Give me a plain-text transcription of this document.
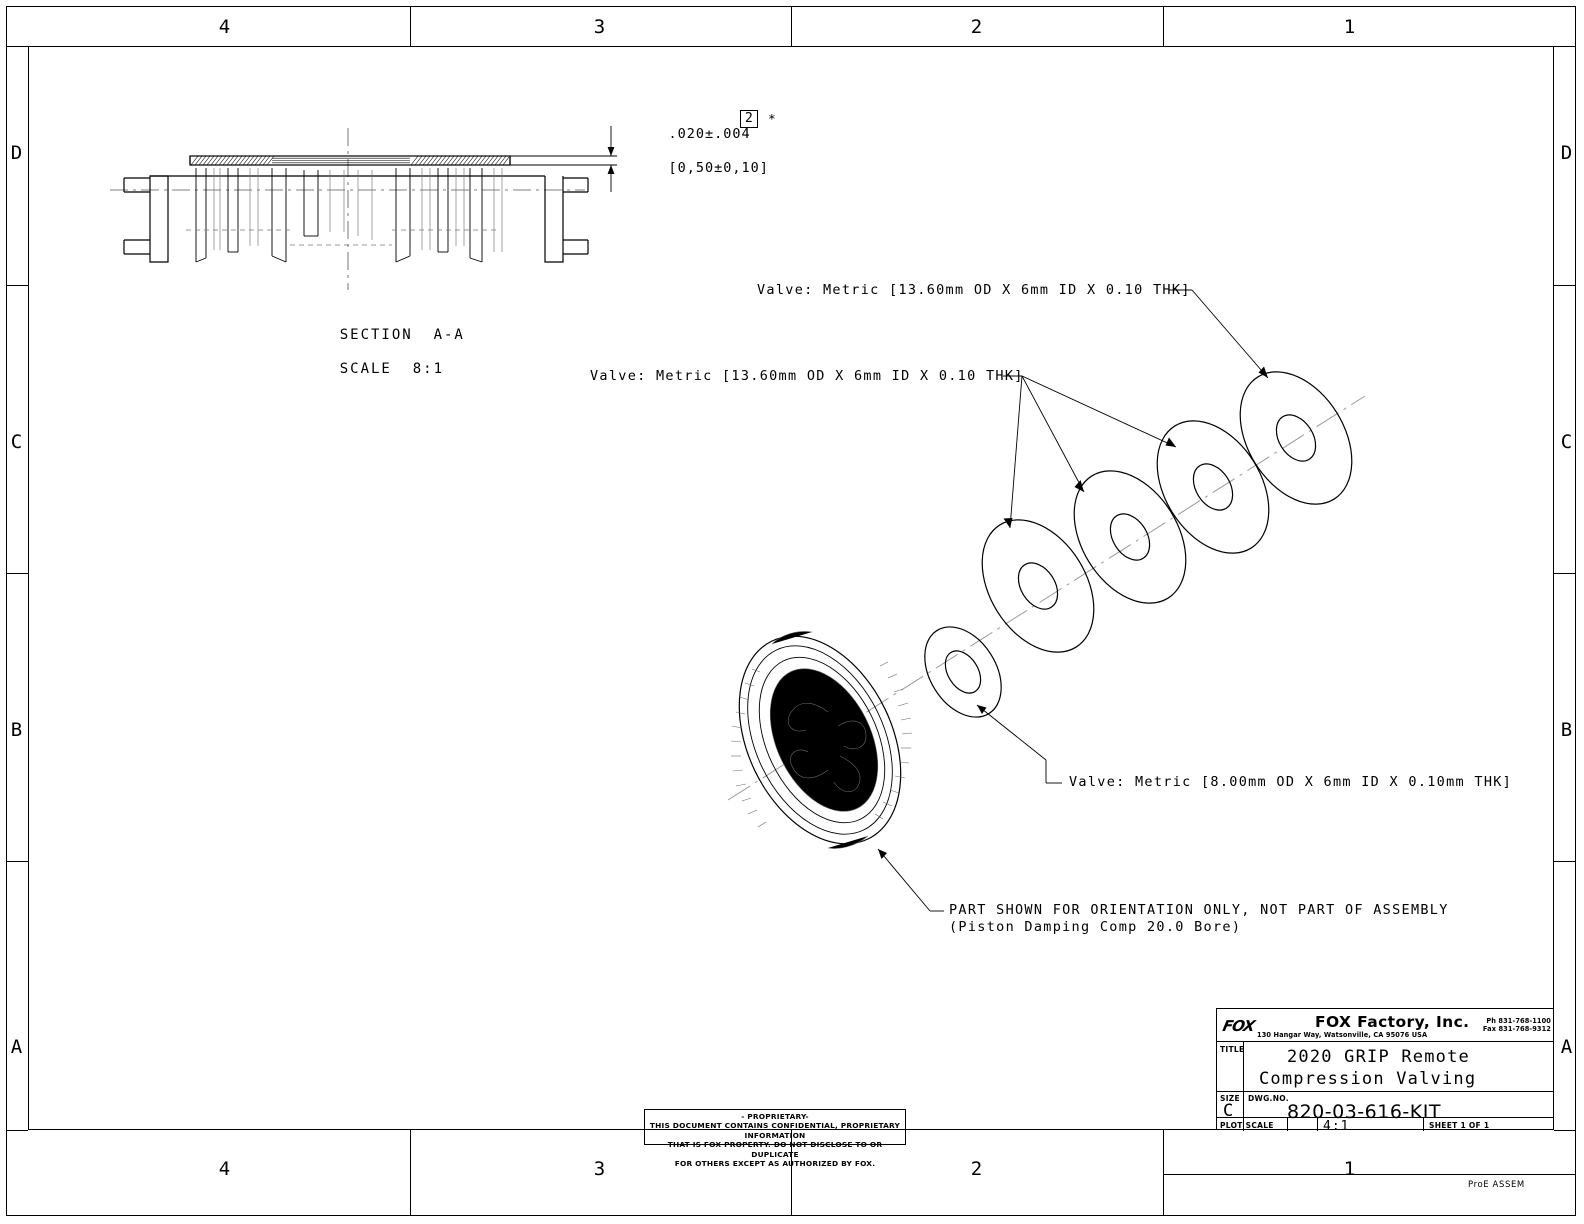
4	3	2	1
4	3	2	1
D
C
B
A
D
C
B
A

.020±.004

[0,50±0,10]

2	*

SECTION  A-A

SCALE  8:1

Valve: Metric [13.60mm OD X 6mm ID X 0.10 THK]
Valve: Metric [13.60mm OD X 6mm ID X 0.10 THK]
Valve: Metric [8.00mm OD X 6mm ID X 0.10mm THK]
PART SHOWN FOR ORIENTATION ONLY, NOT PART OF ASSEMBLY
(Piston Damping Comp 20.0 Bore)
- PROPRIETARY-
THIS DOCUMENT CONTAINS CONFIDENTIAL, PROPRIETARY INFORMATION
THAT IS FOX PROPERTY. DO NOT DISCLOSE TO OR DUPLICATE
FOR OTHERS EXCEPT AS AUTHORIZED BY FOX.
FOX	FOX Factory, Inc.
130 Hangar Way, Watsonville, CA 95076 USA
Ph 831-768-1100
Fax 831-768-9312
TITLE	2020 GRIP Remote
Compression Valving
SIZE DWG.NO.
C	820-03-616-KIT
PLOT SCALE	4:1	SHEET 1 OF 1
ProE ASSEM
